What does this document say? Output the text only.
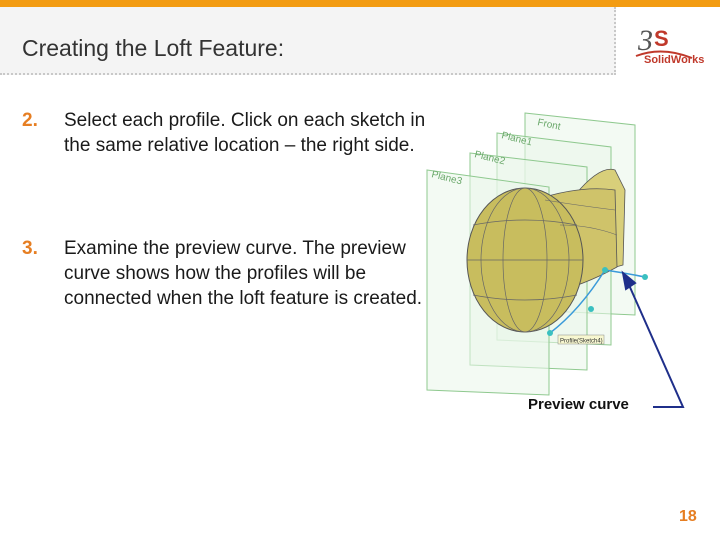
Creating the Loft Feature:	3 S
SolidWorks
2. Select each profile. Click on each sketch in the same relative location – the right side.
3. Examine the preview curve. The preview curve shows how the profiles will be connected when the loft feature is created.
Front
Plane1
Plane2
Plane3
Profile(Sketch4)
Preview curve
18
